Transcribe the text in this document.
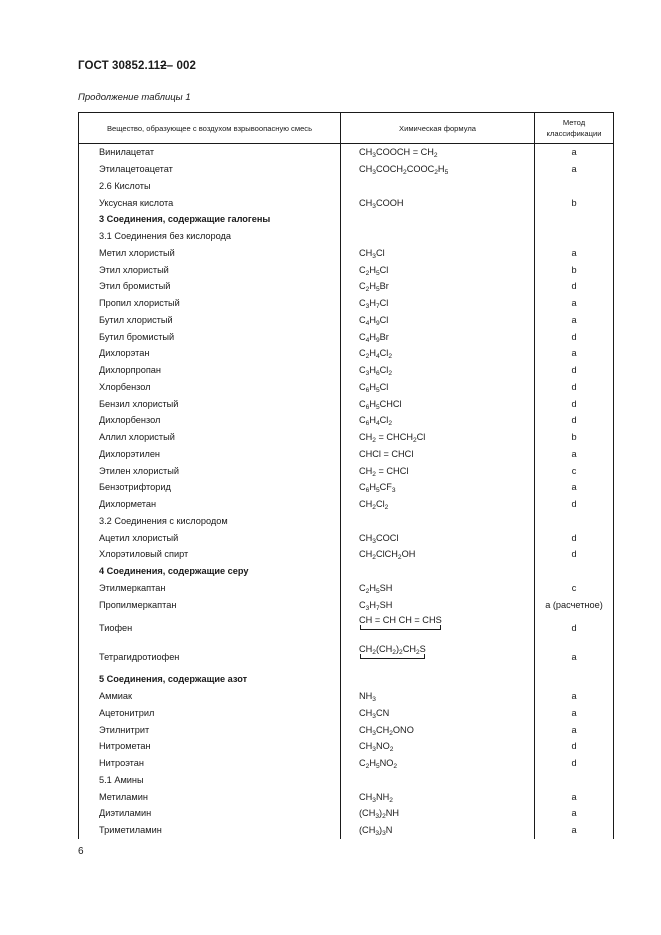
ГОСТ 30852.112– 002
Продолжение таблицы 1
Вещество, образующее с воздухом взрывоопасную смесь	Химическая формула	Метод классификации
Винилацетат	$CH_3COOCH = CH_2$	a
Этилацетоацетат	$CH_3COCH_2COOC_2H_5$	a
2.6 Кислоты		
Уксусная кислота	$CH_3COOH$	b
3 Соединения, содержащие галогены		
3.1 Соединения без кислорода		
Метил хлористый	$CH_3Cl$	a
Этил хлористый	$C_2H_5Cl$	b
Этил бромистый	$C_2H_5Br$	d
Пропил хлористый	$C_3H_7Cl$	a
Бутил хлористый	$C_4H_9Cl$	a
Бутил бромистый	$C_4H_9Br$	d
Дихлорэтан	$C_2H_4Cl_2$	a
Дихлорпропан	$C_3H_6Cl_2$	d
Хлорбензол	$C_6H_5Cl$	d
Бензил хлористый	$C_6H_5CHCl$	d
Дихлорбензол	$C_6H_4Cl_2$	d
Аллил хлористый	$CH_2$ = $CHCH_2Cl$	b
Дихлорэтилен	CHCl = CHCl	a
Этилен хлористый	$CH_2$ = CHCl	c
Бензотрифторид	$C_6H_5CF_3$	a
Дихлорметан	$CH_2Cl_2$	d
3.2 Соединения с кислородом		
Ацетил хлористый	$CH_3COCl$	d
Хлорэтиловый спирт	$CH_2ClCH_2OH$	d
4 Соединения, содержащие серу		
Этилмеркаптан	$C_2H_5SH$	c
Пропилмеркаптан	$C_3H_7SH$	a (расчетное)
Тиофен	CH = CH CH = CHS	d
Тетрагидротиофен	$CH_2(CH_2)_2CH_2S$	a
5 Соединения, содержащие азот		
Аммиак	$NH_3$	a
Ацетонитрил	$CH_3CN$	a
Этилнитрит	$CH_3CH_2ONO$	a
Нитрометан	$CH_3NO_2$	d
Нитроэтан	$C_2H_5NO_2$	d
5.1 Амины		
Метиламин	$CH_3NH_2$	a
Диэтиламин	$(CH_3)_2NH$	a
Триметиламин	$(CH_3)_3N$	a
6
